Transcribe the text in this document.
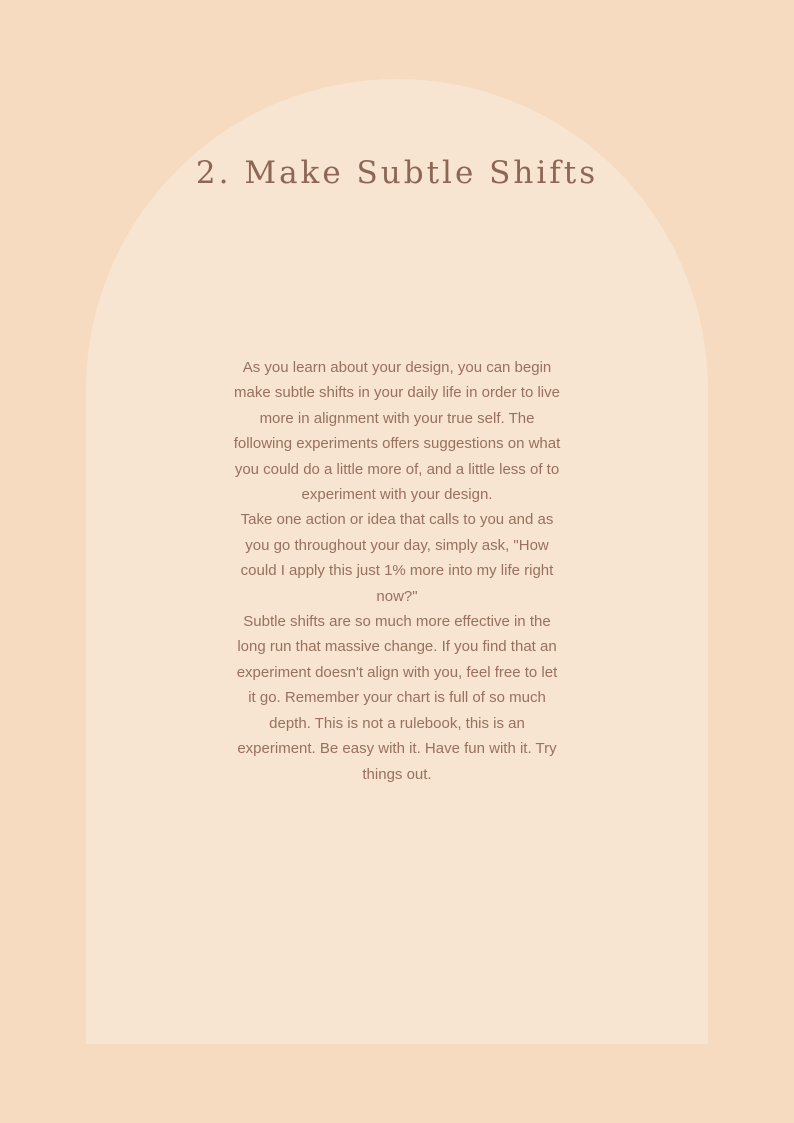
2. Make Subtle Shifts

As you learn about your design, you can begin make subtle shifts in your daily life in order to live more in alignment with your true self. The following experiments offers suggestions on what you could do a little more of, and a little less of to experiment with your design.

Take one action or idea that calls to you and as you go throughout your day, simply ask, "How could I apply this just 1% more into my life right now?"

Subtle shifts are so much more effective in the long run that massive change. If you find that an experiment doesn't align with you, feel free to let it go. Remember your chart is full of so much depth. This is not a rulebook, this is an experiment. Be easy with it. Have fun with it. Try things out.
